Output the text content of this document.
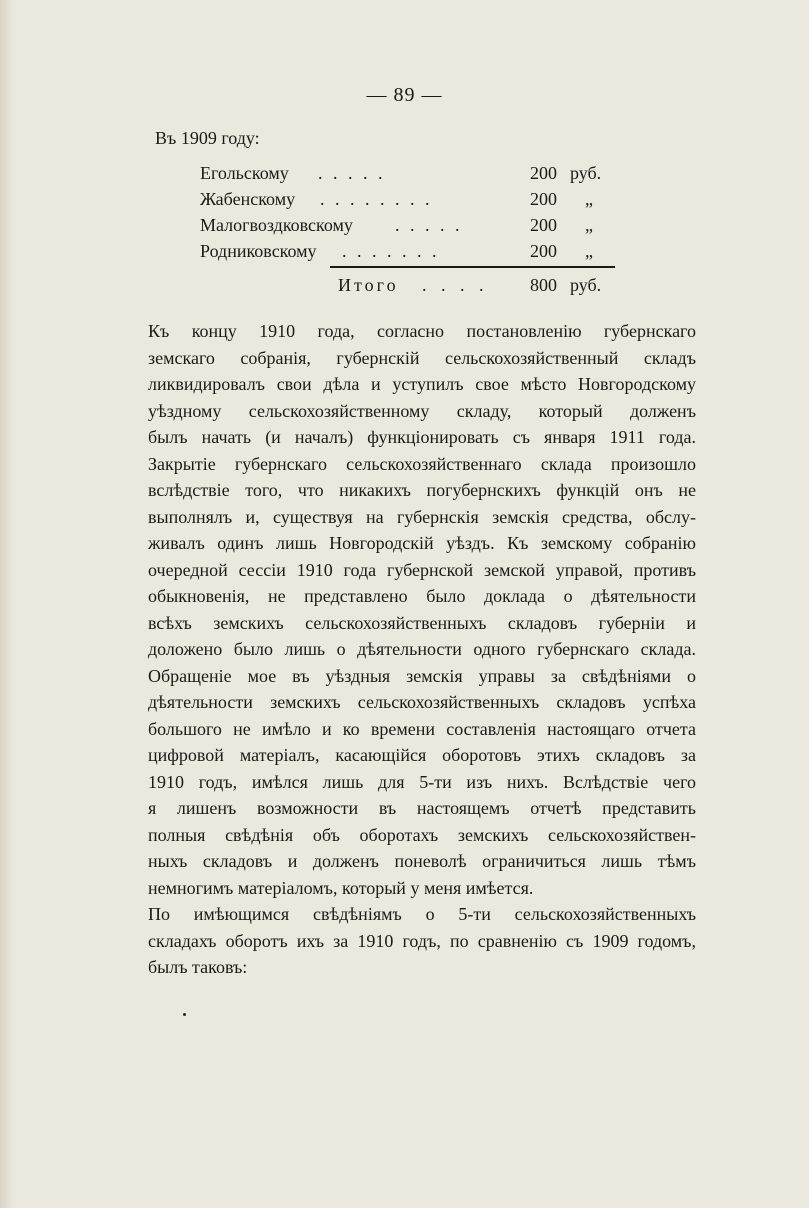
— 89 —
Въ 1909 году:
Егольскому . . . . .	200 руб.
Жабенскому . . . . . . . .	200 „
Малогвоздковскому . . . . .	200 „
Родниковскому . . . . . . .	200 „
Итого . . . . 800 руб.

Къ концу 1910 года, согласно постановленію губернскаго
земскаго собранія, губернскій сельскохозяйственный складъ
ликвидировалъ свои дѣла и уступилъ свое мѣсто Новгородскому
уѣздному сельскохозяйственному складу, который долженъ
былъ начать (и началъ) функціонировать съ января 1911 года.
Закрытіе губернскаго сельскохозяйственнаго склада произошло
вслѣдствіе того, что никакихъ погубернскихъ функцій онъ не
выполнялъ и, существуя на губернскія земскія средства, обслу-
живалъ одинъ лишь Новгородскій уѣздъ. Къ земскому собранію
очередной сессіи 1910 года губернской земской управой, противъ
обыкновенія, не представлено было доклада о дѣятельности
всѣхъ земскихъ сельскохозяйственныхъ складовъ губерніи и
доложено было лишь о дѣятельности одного губернскаго склада.
Обращеніе мое въ уѣздныя земскія управы за свѣдѣніями о
дѣятельности земскихъ сельскохозяйственныхъ складовъ успѣха
большого не имѣло и ко времени составленія настоящаго отчета
цифровой матеріалъ, касающійся оборотовъ этихъ складовъ за
1910 годъ, имѣлся лишь для 5-ти изъ нихъ. Вслѣдствіе чего
я лишенъ возможности въ настоящемъ отчетѣ представить
полныя свѣдѣнія объ оборотахъ земскихъ сельскохозяйствен-
ныхъ складовъ и долженъ поневолѣ ограничиться лишь тѣмъ
немногимъ матеріаломъ, который у меня имѣется.

По имѣющимся свѣдѣніямъ о 5-ти сельскохозяйственныхъ
складахъ оборотъ ихъ за 1910 годъ, по сравненію съ 1909 годомъ,
былъ таковъ:
